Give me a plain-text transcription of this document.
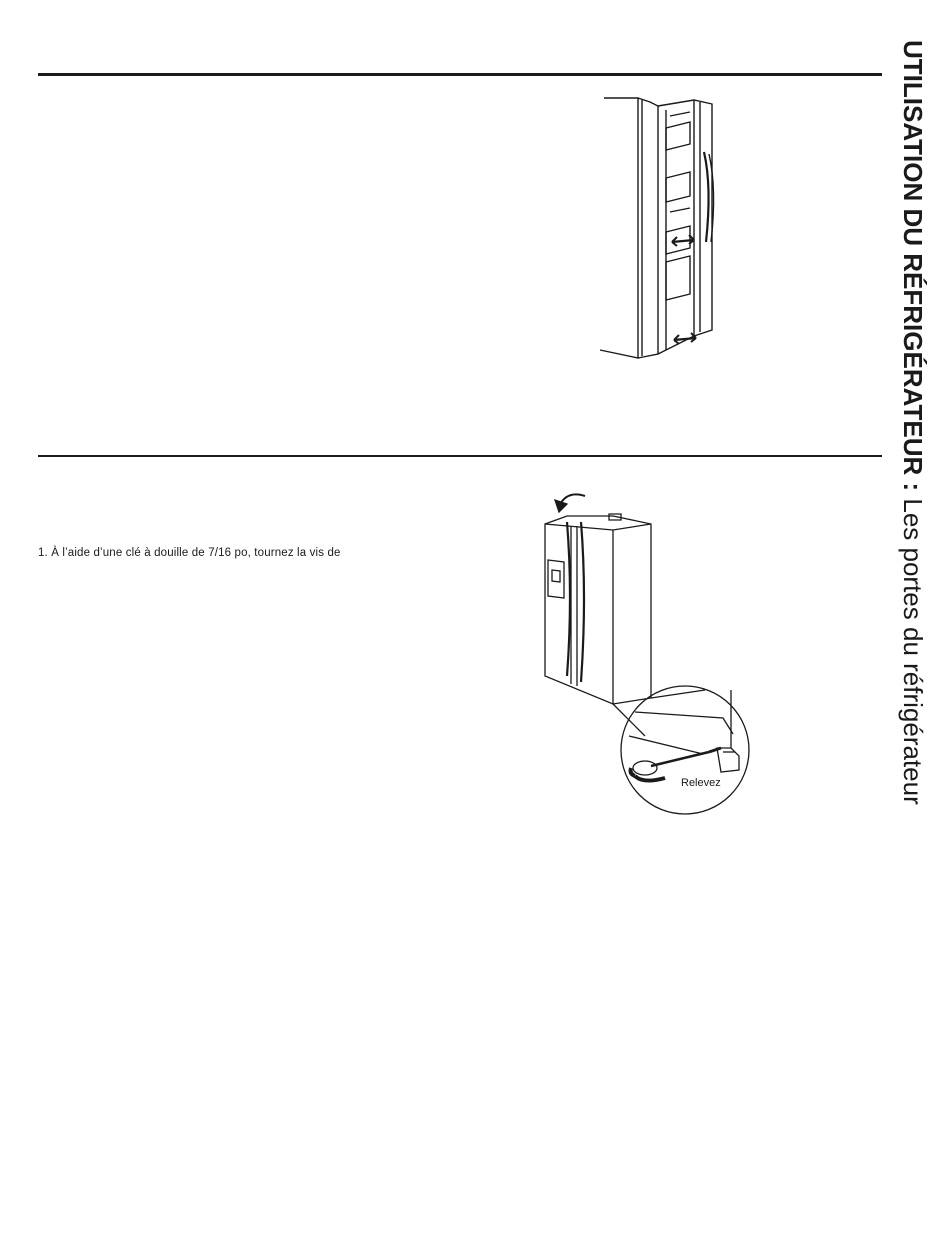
1. À l’aide d’une clé à douille de 7/16 po, tournez la vis de
Relevez
UTILISATION DU RÉFRIGÉRATEUR : Les portes du réfrigérateur
